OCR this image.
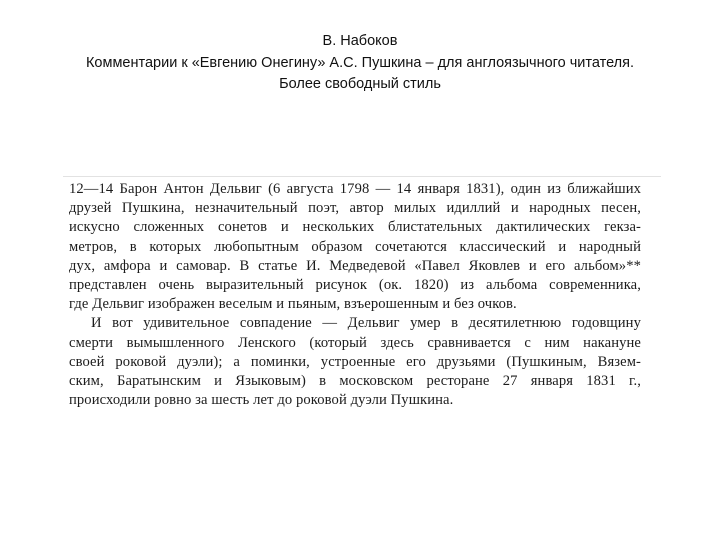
В. Набоков
Комментарии к «Евгению Онегину» А.С. Пушкина – для англоязычного читателя.
Более свободный стиль
12—14 Барон Антон Дельвиг (6 августа 1798 — 14 января 1831), один из ближайших
друзей Пушкина, незначительный поэт, автор милых идиллий и народных песен,
искусно сложенных сонетов и нескольких блистательных дактилических гекза-
метров, в которых любопытным образом сочетаются классический и народный
дух, амфора и самовар. В статье И. Медведевой «Павел Яковлев и его альбом»**
представлен очень выразительный рисунок (ок. 1820) из альбома современника,
где Дельвиг изображен веселым и пьяным, взъерошенным и без очков.
И вот удивительное совпадение — Дельвиг умер в десятилетнюю годовщину
смерти вымышленного Ленского (который здесь сравнивается с ним накануне
своей роковой дуэли); а поминки, устроенные его друзьями (Пушкиным, Вязем-
ским, Баратынским и Языковым) в московском ресторане 27 января 1831 г.,
происходили ровно за шесть лет до роковой дуэли Пушкина.
